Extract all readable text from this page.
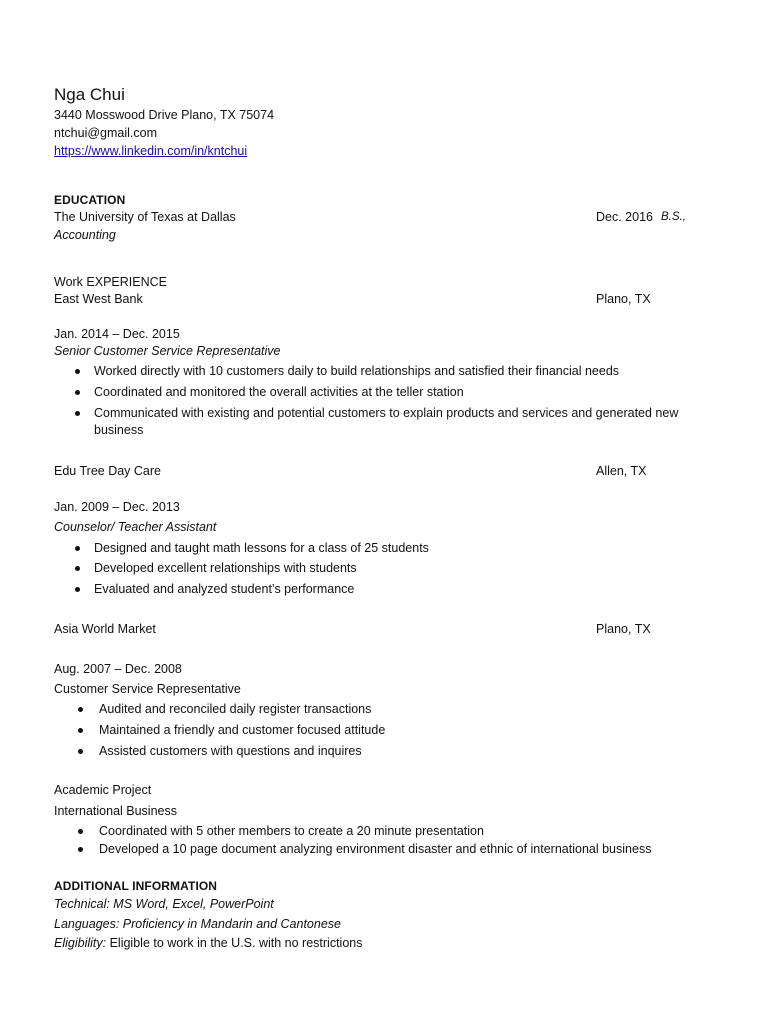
Nga Chui
3440 Mosswood Drive Plano, TX 75074
ntchui@gmail.com
https://www.linkedin.com/in/kntchui
EDUCATION
The University of Texas at Dallas	Dec. 2016 B.S.,
Accounting
Work EXPERIENCE
East West Bank	Plano, TX
Jan. 2014 – Dec. 2015
Senior Customer Service Representative
Worked directly with 10 customers daily to build relationships and satisfied their financial needs
Coordinated and monitored the overall activities at the teller station
Communicated with existing and potential customers to explain products and services and generated new business
Edu Tree Day Care	Allen, TX
Jan. 2009 – Dec. 2013
Counselor/ Teacher Assistant
Designed and taught math lessons for a class of 25 students
Developed excellent relationships with students
Evaluated and analyzed student’s performance
Asia World Market	Plano, TX
Aug. 2007 – Dec. 2008
Customer Service Representative
Audited and reconciled daily register transactions
Maintained a friendly and customer focused attitude
Assisted customers with questions and inquires
Academic Project
International Business
Coordinated with 5 other members to create a 20 minute presentation
Developed a 10 page document analyzing environment disaster and ethnic of international business
ADDITIONAL INFORMATION
Technical: MS Word, Excel, PowerPoint
Languages: Proficiency in Mandarin and Cantonese
Eligibility: Eligible to work in the U.S. with no restrictions
